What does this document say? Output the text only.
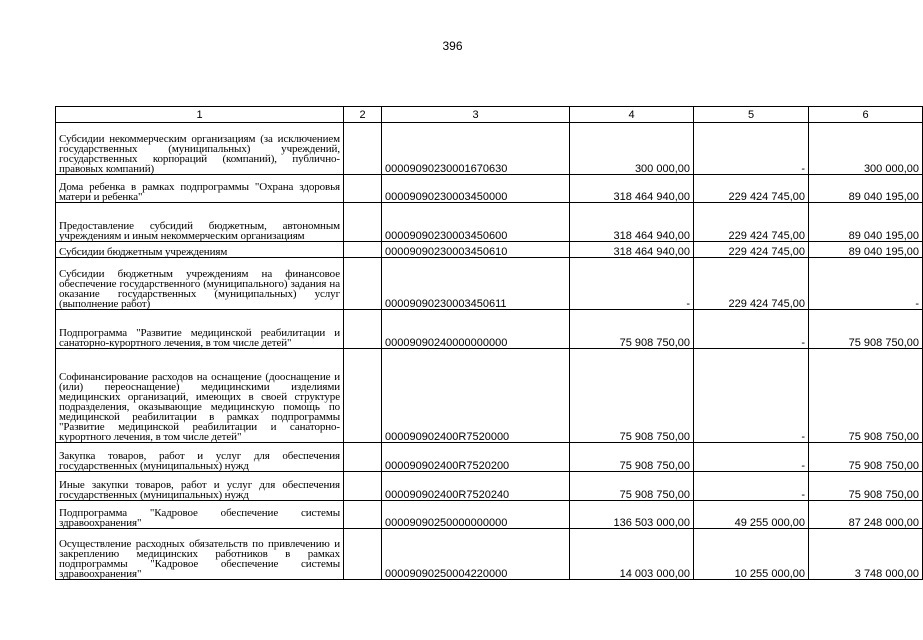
396
1	2	3	4	5	6
Субсидии некоммерческим организациям (за исключением государственных (муниципальных) учреждений, государственных корпораций (компаний), публично-правовых компаний)		00009090230001670630	300 000,00	-	300 000,00
Дома ребенка в рамках подпрограммы "Охрана здоровья матери и ребенка"		00009090230003450000	318 464 940,00	229 424 745,00	89 040 195,00
Предоставление субсидий бюджетным, автономным учреждениям и иным некоммерческим организациям		00009090230003450600	318 464 940,00	229 424 745,00	89 040 195,00
Субсидии бюджетным учреждениям		00009090230003450610	318 464 940,00	229 424 745,00	89 040 195,00
Субсидии бюджетным учреждениям на финансовое обеспечение государственного (муниципального) задания на оказание государственных (муниципальных) услуг (выполнение работ)		00009090230003450611	-	229 424 745,00	-
Подпрограмма "Развитие медицинской реабилитации и санаторно-курортного лечения, в том числе детей"		00009090240000000000	75 908 750,00	-	75 908 750,00
Софинансирование расходов на оснащение (дооснащение и (или) переоснащение) медицинскими изделиями медицинских организаций, имеющих в своей структуре подразделения, оказывающие медицинскую помощь по медицинской реабилитации в рамках подпрограммы "Развитие медицинской реабилитации и санаторно-курортного лечения, в том числе детей"		000090902400R7520000	75 908 750,00	-	75 908 750,00
Закупка товаров, работ и услуг для обеспечения государственных (муниципальных) нужд		000090902400R7520200	75 908 750,00	-	75 908 750,00
Иные закупки товаров, работ и услуг для обеспечения государственных (муниципальных) нужд		000090902400R7520240	75 908 750,00	-	75 908 750,00
Подпрограмма "Кадровое обеспечение системы здравоохранения"		00009090250000000000	136 503 000,00	49 255 000,00	87 248 000,00
Осуществление расходных обязательств по привлечению и закреплению медицинских работников в рамках подпрограммы "Кадровое обеспечение системы здравоохранения"		00009090250004220000	14 003 000,00	10 255 000,00	3 748 000,00
